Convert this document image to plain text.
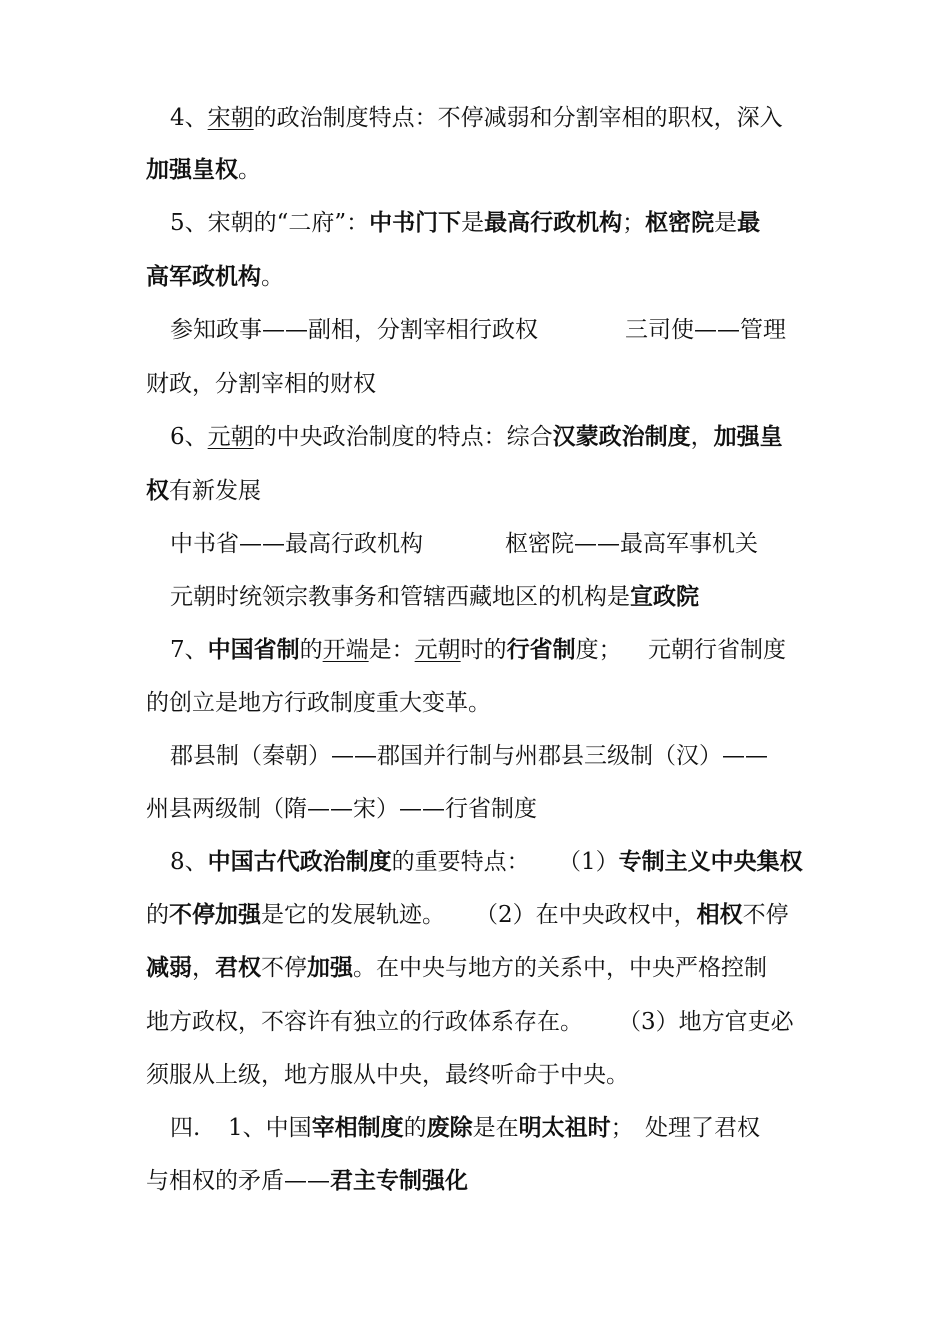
4、 宋朝 的政治制度特点：不停减弱和分割宰相的职权，深入
加强皇权 。
5、宋朝的“二府”： 中书门下 是 最高行政机构 ； 枢密院 是 最
高军政机构 。
参知政事——副相，分割宰相行政权	三司使——管理
财政，分割宰相的财权
6、 元朝 的中央政治制度的特点：综合 汉蒙政治制度 ， 加强皇
权 有新发展
中书省——最高行政机构	枢密院——最高军事机关
元朝时统领宗教事务和管辖西藏地区的机构是 宣政院
7、 中国省制 的 开端 是： 元朝 时的 行省制 度； 元朝行省制度
的创立是地方行政制度重大变革。
郡县制（秦朝）——郡国并行制与州郡县三级制（汉）——
州县两级制（隋——宋）——行省制度
8、 中国古代政治制度 的重要特点： （1） 专制主义中央集权
的 不停加强 是它的发展轨迹。 （2）在中央政权中， 相权 不停
减弱 ， 君权 不停 加强 。在中央与地方的关系中，中央严格控制
地方政权，不容许有独立的行政体系存在。 （3）地方官吏必
须服从上级，地方服从中央，最终听命于中央。
四. 1、中国 宰相制度 的 废除 是在 明太祖时 ； 处理了君权
与相权的矛盾—— 君主专制强化
